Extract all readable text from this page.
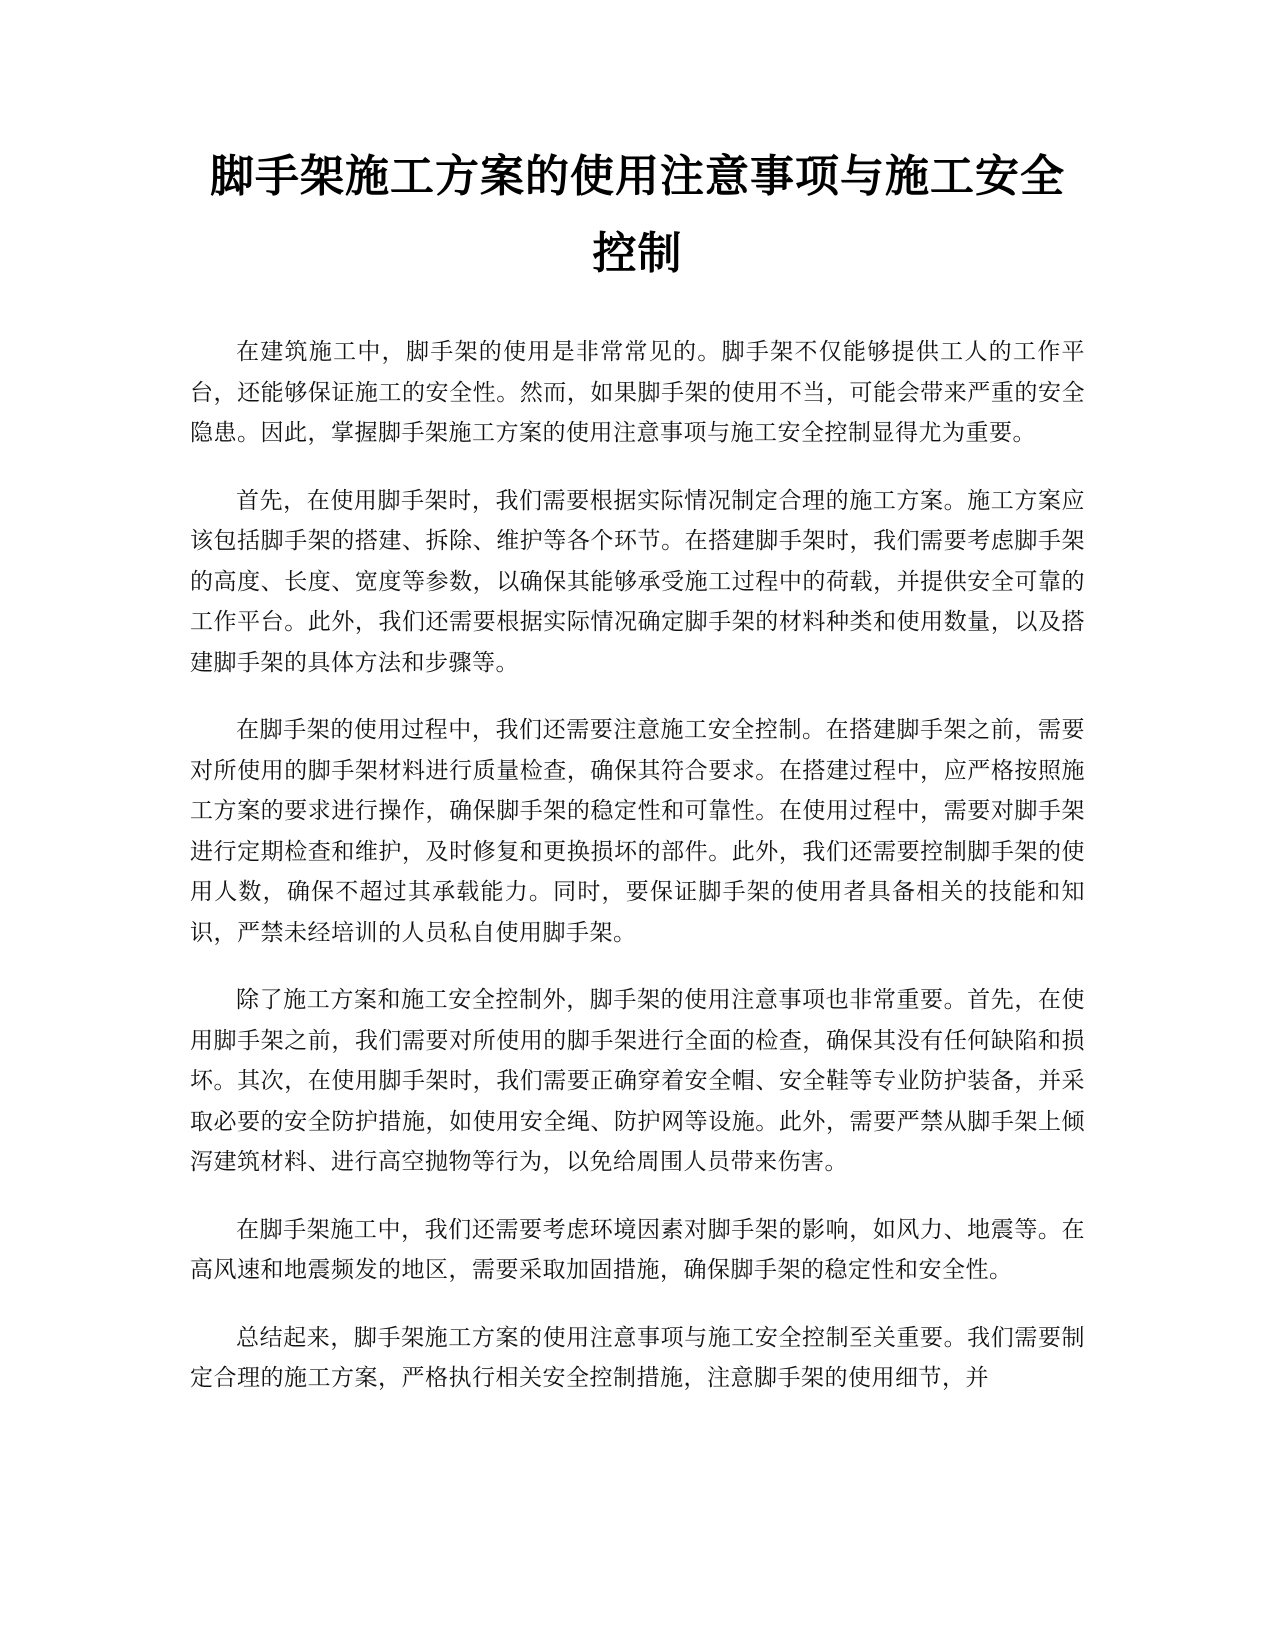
脚手架施工方案的使用注意事项与施工安全
控制

在建筑施工中，脚手架的使用是非常常见的。脚手架不仅能够提供工人的工作平台，还能够保证施工的安全性。然而，如果脚手架的使用不当，可能会带来严重的安全隐患。因此，掌握脚手架施工方案的使用注意事项与施工安全控制显得尤为重要。

首先，在使用脚手架时，我们需要根据实际情况制定合理的施工方案。施工方案应该包括脚手架的搭建、拆除、维护等各个环节。在搭建脚手架时，我们需要考虑脚手架的高度、长度、宽度等参数，以确保其能够承受施工过程中的荷载，并提供安全可靠的工作平台。此外，我们还需要根据实际情况确定脚手架的材料种类和使用数量，以及搭建脚手架的具体方法和步骤等。

在脚手架的使用过程中，我们还需要注意施工安全控制。在搭建脚手架之前，需要对所使用的脚手架材料进行质量检查，确保其符合要求。在搭建过程中，应严格按照施工方案的要求进行操作，确保脚手架的稳定性和可靠性。在使用过程中，需要对脚手架进行定期检查和维护，及时修复和更换损坏的部件。此外，我们还需要控制脚手架的使用人数，确保不超过其承载能力。同时，要保证脚手架的使用者具备相关的技能和知识，严禁未经培训的人员私自使用脚手架。

除了施工方案和施工安全控制外，脚手架的使用注意事项也非常重要。首先，在使用脚手架之前，我们需要对所使用的脚手架进行全面的检查，确保其没有任何缺陷和损坏。其次，在使用脚手架时，我们需要正确穿着安全帽、安全鞋等专业防护装备，并采取必要的安全防护措施，如使用安全绳、防护网等设施。此外，需要严禁从脚手架上倾泻建筑材料、进行高空抛物等行为，以免给周围人员带来伤害。

在脚手架施工中，我们还需要考虑环境因素对脚手架的影响，如风力、地震等。在高风速和地震频发的地区，需要采取加固措施，确保脚手架的稳定性和安全性。

总结起来，脚手架施工方案的使用注意事项与施工安全控制至关重要。我们需要制定合理的施工方案，严格执行相关安全控制措施，注意脚手架的使用细节，并
